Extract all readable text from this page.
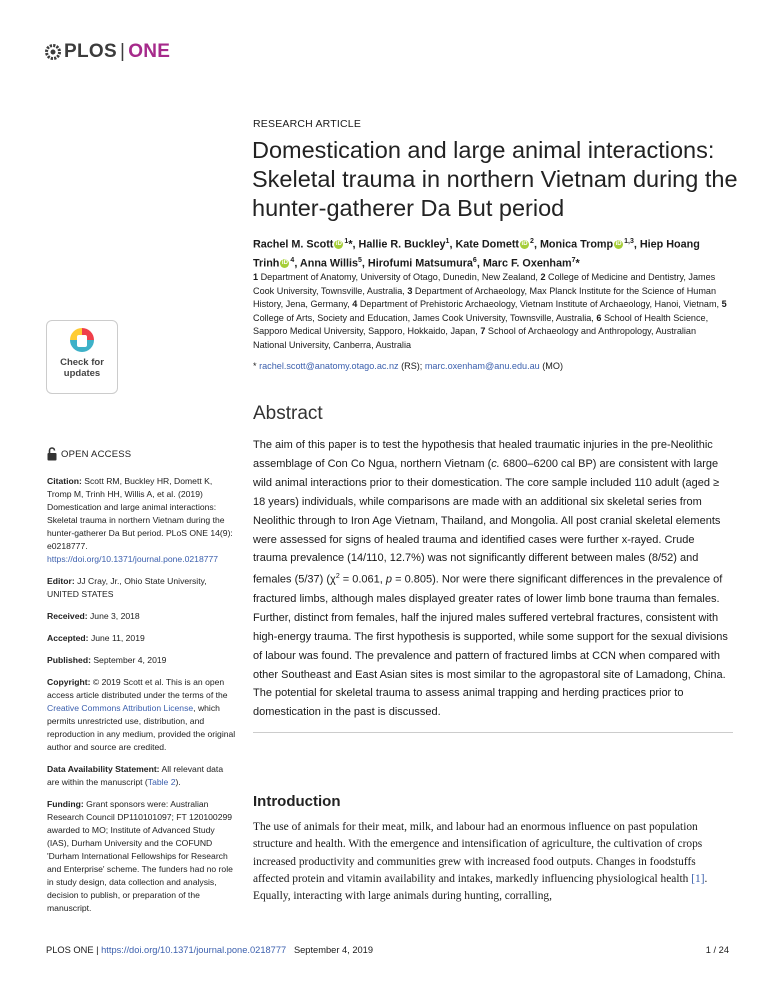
PLOS | ONE
RESEARCH ARTICLE
Domestication and large animal interactions: Skeletal trauma in northern Vietnam during the hunter-gatherer Da But period
Rachel M. Scott iD $^1$*, Hallie R. Buckley$^1$, Kate Domett iD $^2$, Monica Tromp iD $^{1,3}$, Hiep Hoang Trinh iD $^4$, Anna Willis$^5$, Hirofumi Matsumura$^6$, Marc F. Oxenham$^7$*
1 Department of Anatomy, University of Otago, Dunedin, New Zealand, 2 College of Medicine and Dentistry, James Cook University, Townsville, Australia, 3 Department of Archaeology, Max Planck Institute for the Science of Human History, Jena, Germany, 4 Department of Prehistoric Archaeology, Vietnam Institute of Archaeology, Hanoi, Vietnam, 5 College of Arts, Society and Education, James Cook University, Townsville, Australia, 6 School of Health Science, Sapporo Medical University, Sapporo, Hokkaido, Japan, 7 School of Archaeology and Anthropology, Australian National University, Canberra, Australia
* rachel.scott@anatomy.otago.ac.nz (RS); marc.oxenham@anu.edu.au (MO)
Check for
updates
OPEN ACCESS

Citation: Scott RM, Buckley HR, Domett K, Tromp M, Trinh HH, Willis A, et al. (2019) Domestication and large animal interactions: Skeletal trauma in northern Vietnam during the hunter-gatherer Da But period. PLoS ONE 14(9): e0218777. https://doi.org/10.1371/journal.pone.0218777

Editor: JJ Cray, Jr., Ohio State University, UNITED STATES

Received: June 3, 2018

Accepted: June 11, 2019

Published: September 4, 2019

Copyright: © 2019 Scott et al. This is an open access article distributed under the terms of the Creative Commons Attribution License, which permits unrestricted use, distribution, and reproduction in any medium, provided the original author and source are credited.

Data Availability Statement: All relevant data are within the manuscript (Table 2).

Funding: Grant sponsors were: Australian Research Council DP110101097; FT 120100299 awarded to MO; Institute of Advanced Study (IAS), Durham University and the COFUND 'Durham International Fellowships for Research and Enterprise' scheme. The funders had no role in study design, data collection and analysis, decision to publish, or preparation of the manuscript.

Abstract
The aim of this paper is to test the hypothesis that healed traumatic injuries in the pre-Neolithic assemblage of Con Co Ngua, northern Vietnam (c. 6800–6200 cal BP) are consistent with large wild animal interactions prior to their domestication. The core sample included 110 adult (aged ≥ 18 years) individuals, while comparisons are made with an additional six skeletal series from Neolithic through to Iron Age Vietnam, Thailand, and Mongolia. All post cranial skeletal elements were assessed for signs of healed trauma and identified cases were further x-rayed. Crude trauma prevalence (14/110, 12.7%) was not significantly different between males (8/52) and females (5/37) ($\chi^2 = 0.061$, p = 0.805). Nor were there significant differences in the prevalence of fractured limbs, although males displayed greater rates of lower limb bone trauma than females. Further, distinct from females, half the injured males suffered vertebral fractures, consistent with high-energy trauma. The first hypothesis is supported, while some support for the sexual divisions of labour was found. The prevalence and pattern of fractured limbs at CCN when compared with other Southeast and East Asian sites is most similar to the agropastoral site of Lamadong, China. The potential for skeletal trauma to assess animal trapping and herding practices prior to domestication in the past is discussed.
Introduction
The use of animals for their meat, milk, and labour had an enormous influence on past population structure and health. With the emergence and intensification of agriculture, the cultivation of crops increased productivity and communities grew with increased food outputs. Changes in foodstuffs affected protein and vitamin availability and intakes, markedly influencing physiological health [1]. Equally, interacting with large animals during hunting, corralling,
PLOS ONE |
https://doi.org/10.1371/journal.pone.0218777
September 4, 2019	1 / 24
